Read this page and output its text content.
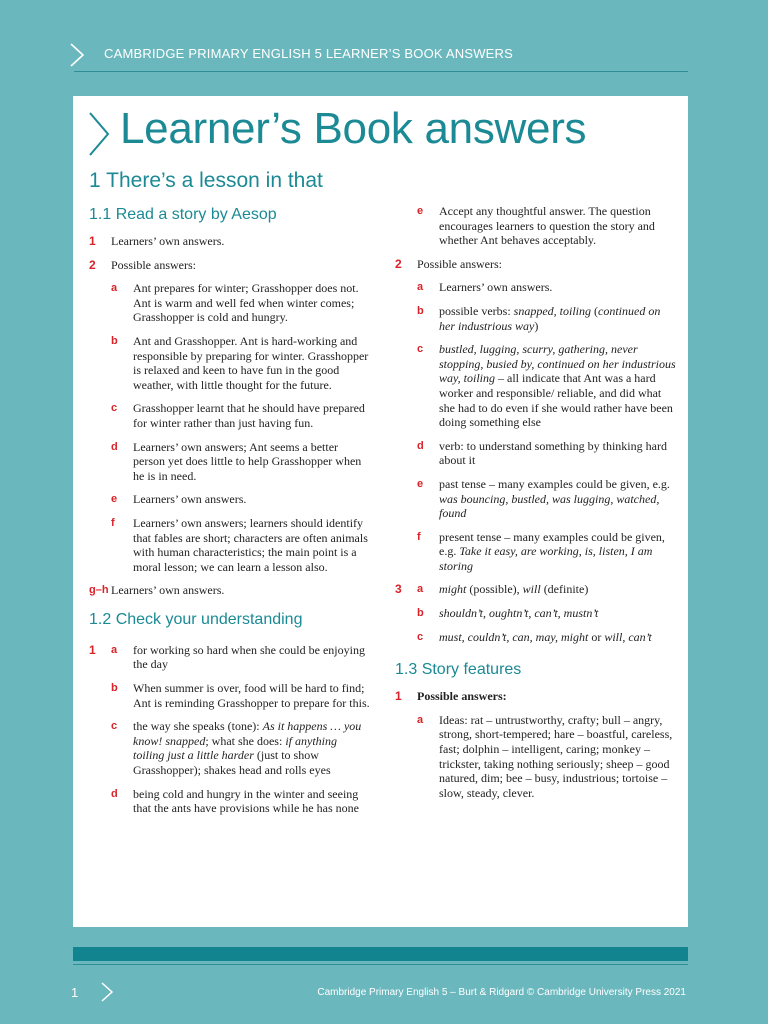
CAMBRIDGE PRIMARY ENGLISH 5 LEARNER’S BOOK ANSWERS
Learner’s Book answers
1 There’s a lesson in that
1.1 Read a story by Aesop
1	Learners’ own answers.
2	Possible answers:
a	Ant prepares for winter; Grasshopper does not. Ant is warm and well fed when winter comes; Grasshopper is cold and hungry.
b	Ant and Grasshopper. Ant is hard-working and responsible by preparing for winter. Grasshopper is relaxed and keen to have fun in the good weather, with little thought for the future.
c	Grasshopper learnt that he should have prepared for winter rather than just having fun.
d	Learners’ own answers; Ant seems a better person yet does little to help Grasshopper when he is in need.
e	Learners’ own answers.
f	Learners’ own answers; learners should identify that fables are short; characters are often animals with human characteristics; the main point is a moral lesson; we can learn a lesson also.
g–h Learners’ own answers.
1.2 Check your understanding
1	a	for working so hard when she could be enjoying the day
b	When summer is over, food will be hard to find; Ant is reminding Grasshopper to prepare for this.
c	the way she speaks (tone): As it happens … you know! snapped; what she does: if anything toiling just a little harder (just to show Grasshopper); shakes head and rolls eyes
d	being cold and hungry in the winter and seeing that the ants have provisions while he has none
e	Accept any thoughtful answer. The question encourages learners to question the story and whether Ant behaves acceptably.
2	Possible answers:
a	Learners’ own answers.
b	possible verbs: snapped, toiling (continued on her industrious way)
c	bustled, lugging, scurry, gathering, never stopping, busied by, continued on her industrious way, toiling – all indicate that Ant was a hard worker and responsible/ reliable, and did what she had to do even if she would rather have been doing something else
d	verb: to understand something by thinking hard about it
e	past tense – many examples could be given, e.g. was bouncing, bustled, was lugging, watched, found
f	present tense – many examples could be given, e.g. Take it easy, are working, is, listen, I am storing
3	a	might (possible), will (definite)
b	shouldn’t, oughtn’t, can’t, mustn’t
c	must, couldn’t, can, may, might or will, can’t
1.3 Story features
1	Possible answers:
a	Ideas: rat – untrustworthy, crafty; bull – angry, strong, short-tempered; hare – boastful, careless, fast; dolphin – intelligent, caring; monkey – trickster, taking nothing seriously; sheep – good natured, dim; bee – busy, industrious; tortoise – slow, steady, clever.
1	Cambridge Primary English 5 – Burt & Ridgard © Cambridge University Press 2021
